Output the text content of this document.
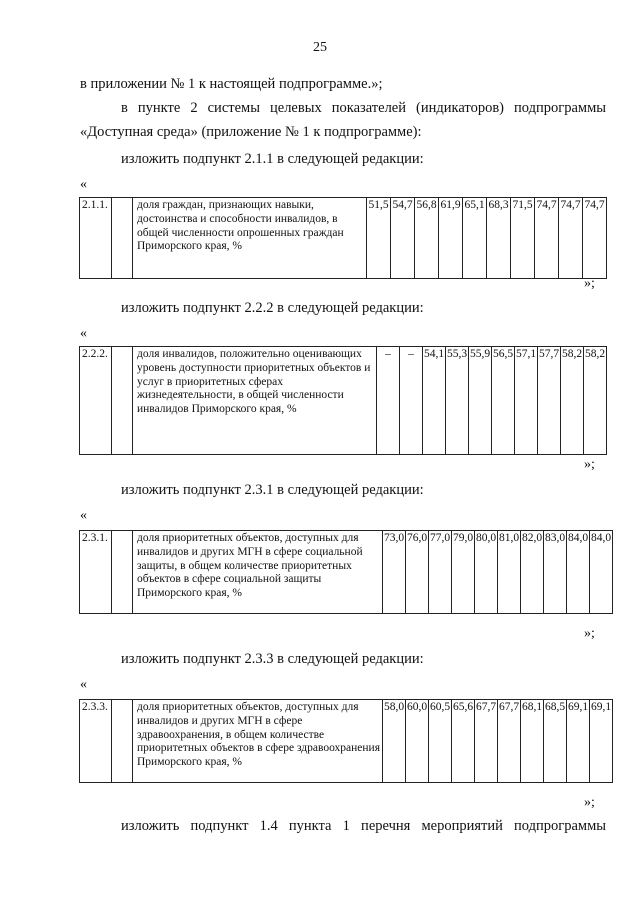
25
в приложении № 1 к настоящей подпрограмме.»;
в пункте 2 системы целевых показателей (индикаторов) подпрограммы
«Доступная среда» (приложение № 1 к подпрограмме):
изложить подпункт 2.1.1 в следующей редакции:
«
2.1.1.		доля граждан, признающих навыки, достоинства и способности инвалидов, в общей численности опрошенных граждан Приморского края, %	51,5	54,7	56,8	61,9	65,1	68,3	71,5	74,7	74,7	74,7
»;
изложить подпункт 2.2.2 в следующей редакции:
«
2.2.2.		доля инвалидов, положительно оценивающих уровень доступности приоритетных объектов и услуг в приоритетных сферах жизнедеятельности, в общей численности инвалидов Приморского края, %	–	–	54,1	55,3	55,9	56,5	57,1	57,7	58,2	58,2
»;
изложить подпункт 2.3.1 в следующей редакции:
«
2.3.1.		доля приоритетных объектов, доступных для инвалидов и других МГН в сфере социальной защиты, в общем количестве приоритетных объектов в сфере социальной защиты Приморского края, %	73,0	76,0	77,0	79,0	80,0	81,0	82,0	83,0	84,0	84,0
»;
изложить подпункт 2.3.3 в следующей редакции:
«
2.3.3.		доля приоритетных объектов, доступных для инвалидов и других МГН в сфере здравоохранения, в общем количестве приоритетных объектов в сфере здравоохранения Приморского края, %	58,0	60,0	60,5	65,6	67,7	67,7	68,1	68,5	69,1	69,1
»;
изложить подпункт 1.4 пункта 1 перечня мероприятий подпрограммы
